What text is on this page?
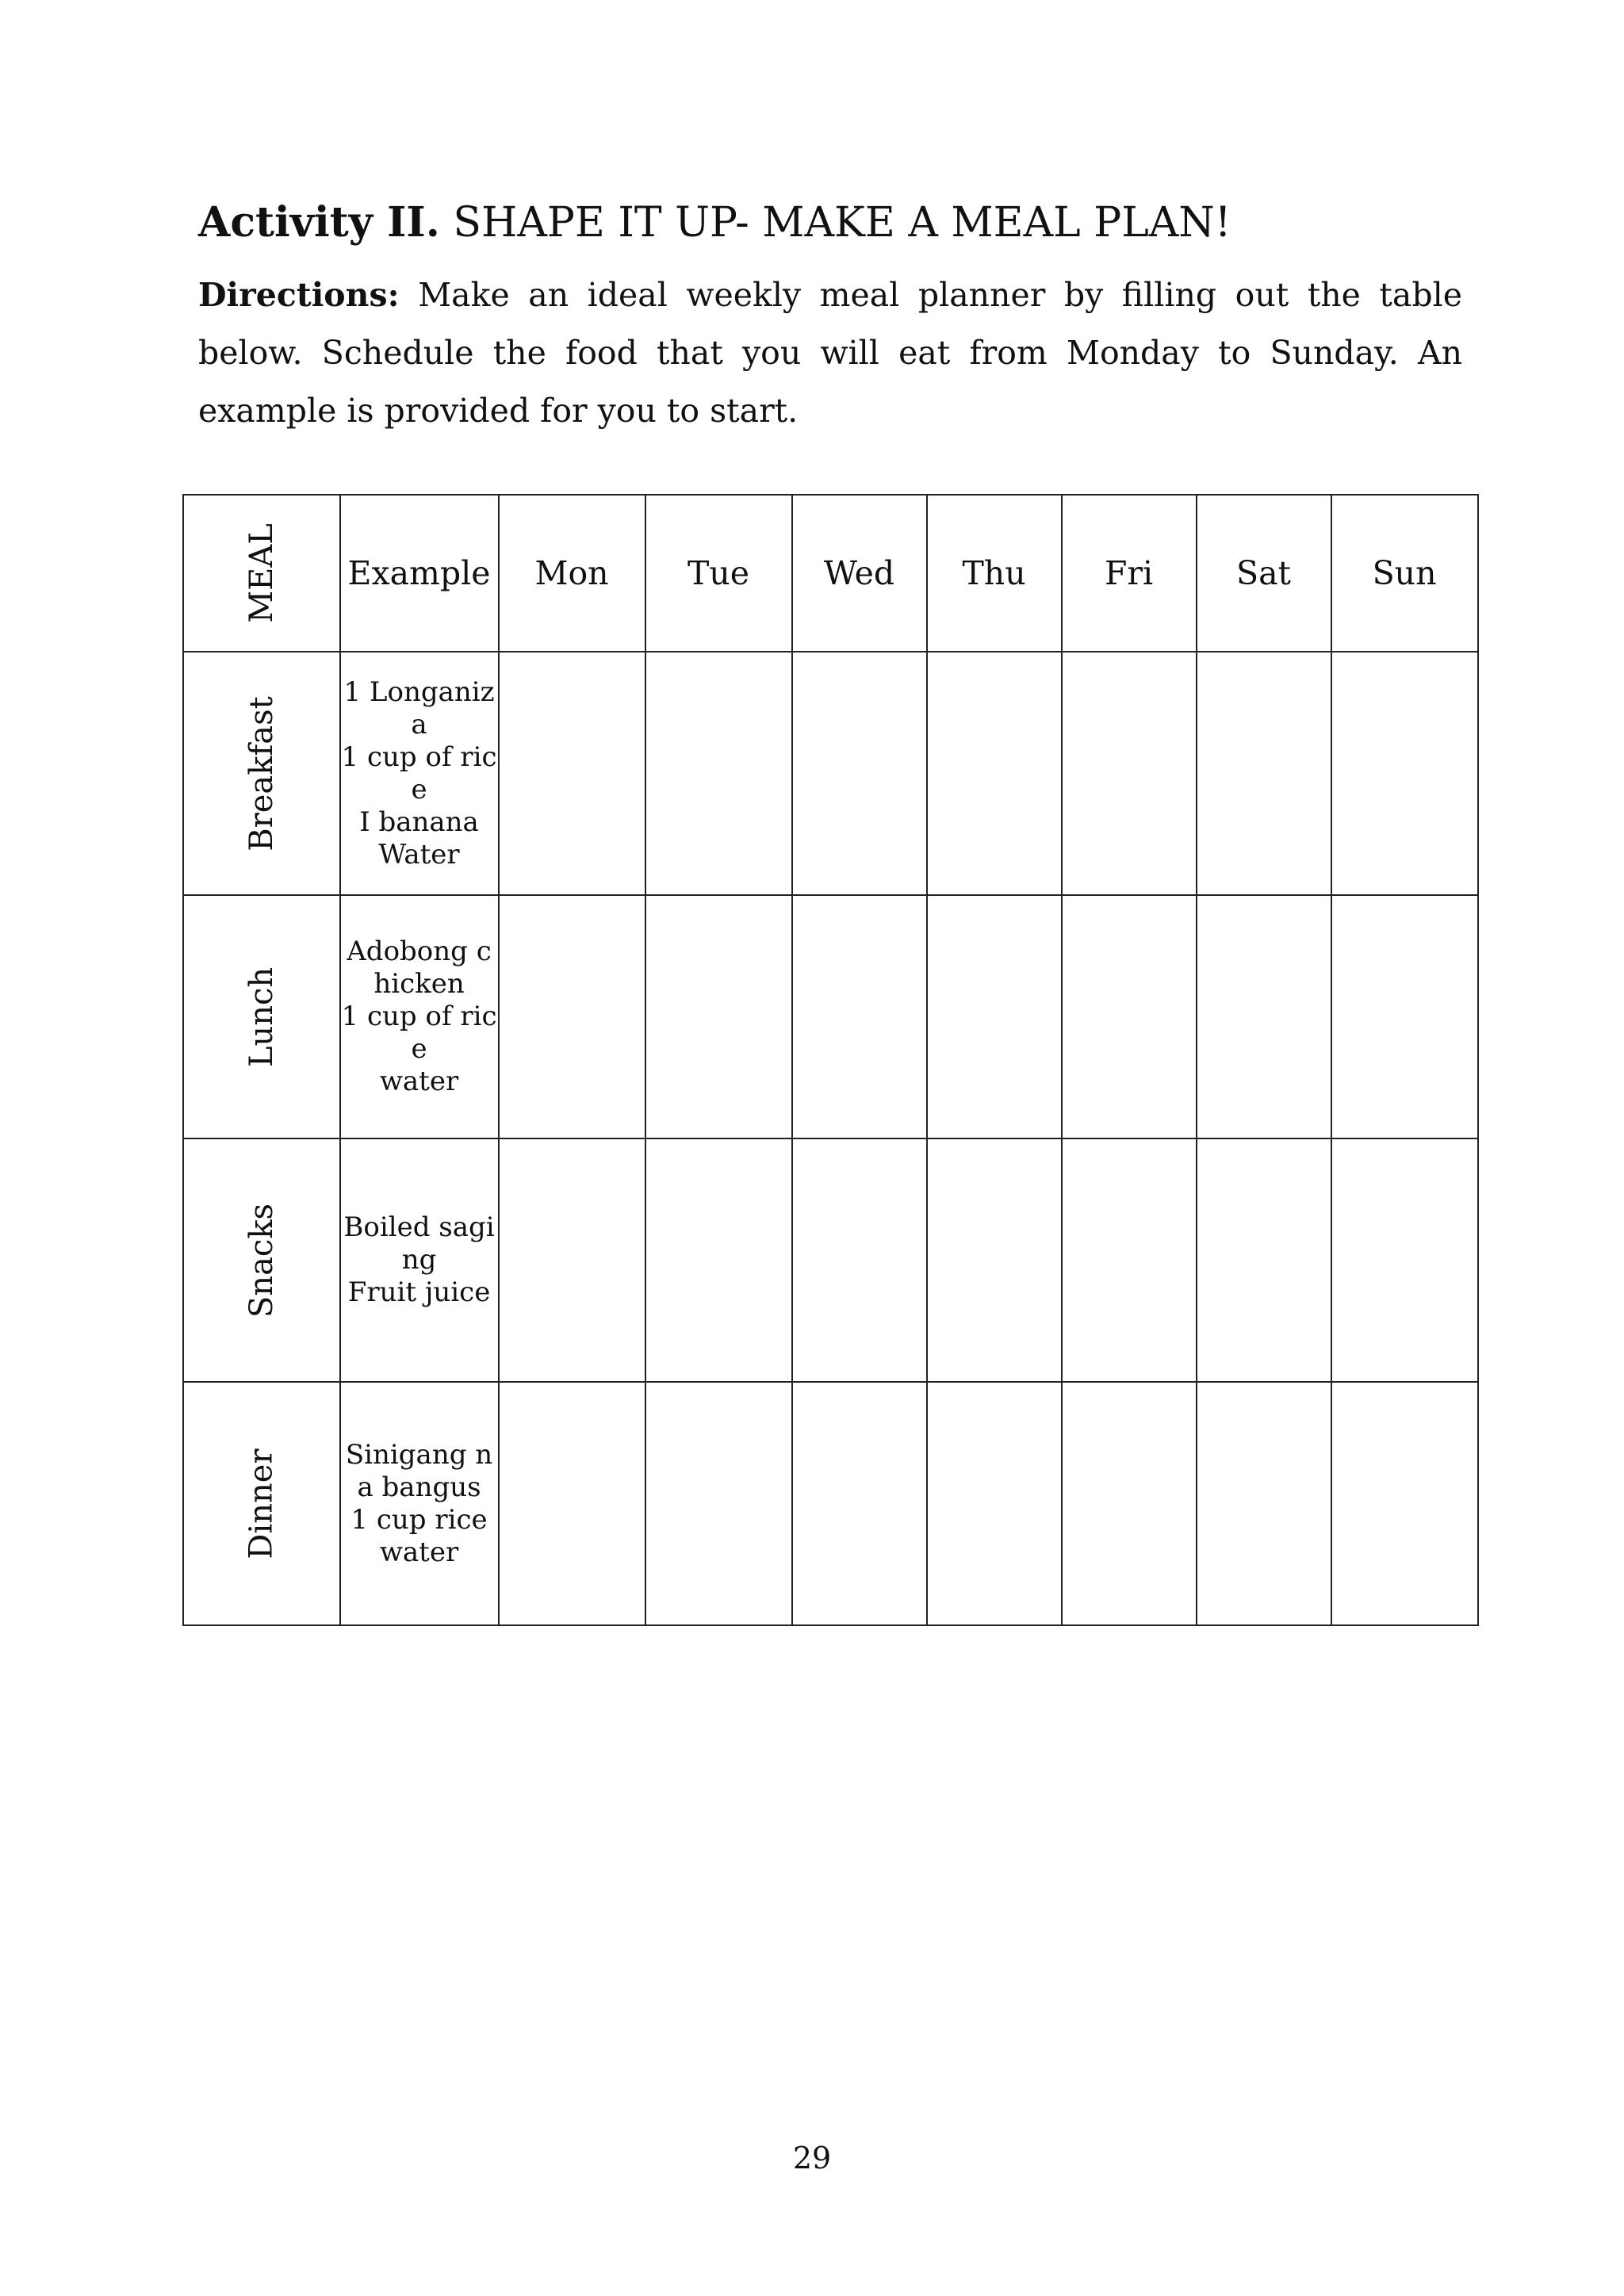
Activity II. SHAPE IT UP- MAKE A MEAL PLAN!
Directions: Make an ideal weekly meal planner by filling out the table below. Schedule the food that you will eat from Monday to Sunday. An example is provided for you to start.
MEAL	Example	Mon	Tue	Wed	Thu	Fri	Sat	Sun
Breakfast	1 Longaniza
1 cup of rice
I banana
Water							

Lunch	Adobong chicken
1 cup of rice
water							

Snacks	Boiled saging
Fruit juice							

Dinner	Sinigang na bangus
1 cup rice
water							

29
